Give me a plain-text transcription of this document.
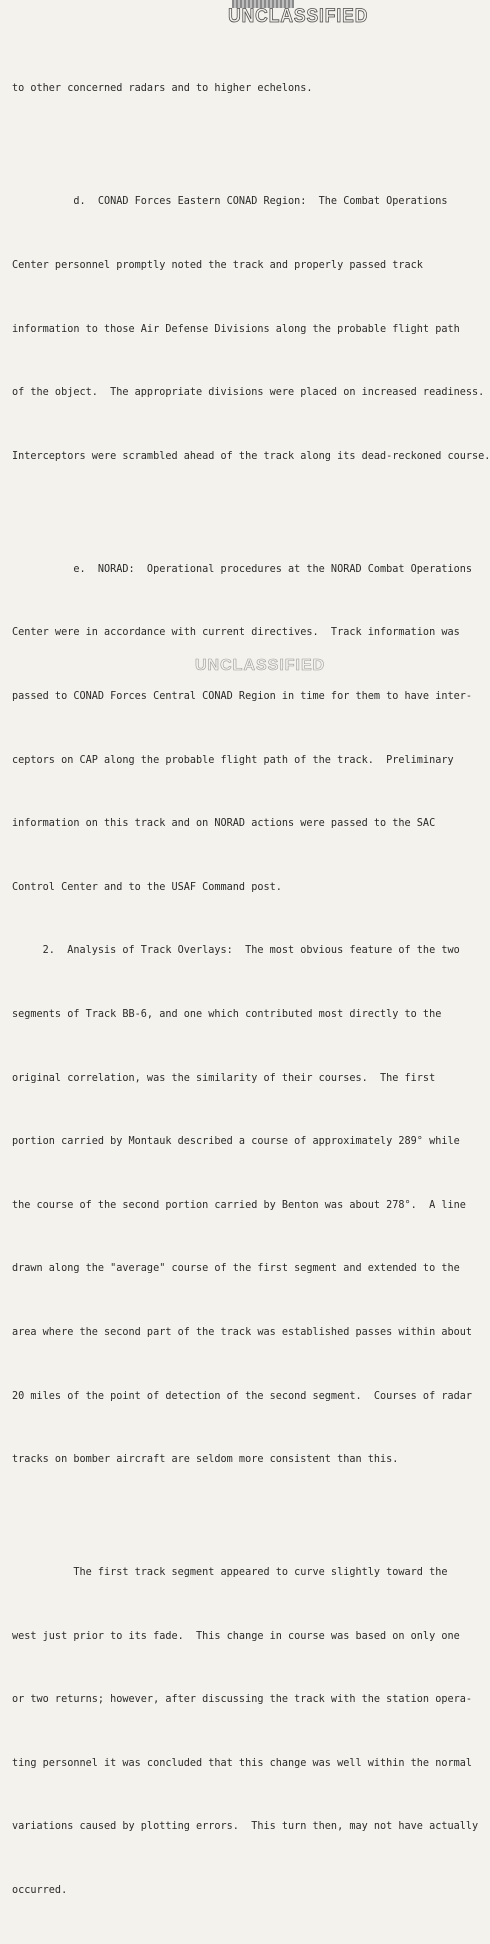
UNCLASSIFIED

to other concerned radars and to higher echelons.

d.  CONAD Forces Eastern CONAD Region:  The Combat Operations

Center personnel promptly noted the track and properly passed track

information to those Air Defense Divisions along the probable flight path

of the object.  The appropriate divisions were placed on increased readiness.

Interceptors were scrambled ahead of the track along its dead-reckoned course.

e.  NORAD:  Operational procedures at the NORAD Combat Operations

Center were in accordance with current directives.  Track information was

passed to CONAD Forces Central CONAD Region in time for them to have inter-

ceptors on CAP along the probable flight path of the track.  Preliminary

information on this track and on NORAD actions were passed to the SAC

Control Center and to the USAF Command post.

2.  Analysis of Track Overlays:  The most obvious feature of the two

segments of Track BB-6, and one which contributed most directly to the

original correlation, was the similarity of their courses.  The first

portion carried by Montauk described a course of approximately 289° while

the course of the second portion carried by Benton was about 278°.  A line

drawn along the "average" course of the first segment and extended to the

area where the second part of the track was established passes within about

20 miles of the point of detection of the second segment.  Courses of radar

tracks on bomber aircraft are seldom more consistent than this.

The first track segment appeared to curve slightly toward the

west just prior to its fade.  This change in course was based on only one

or two returns; however, after discussing the track with the station opera-

ting personnel it was concluded that this change was well within the normal

variations caused by plotting errors.  This turn then, may not have actually

occurred.

UNCLASSIFIED
